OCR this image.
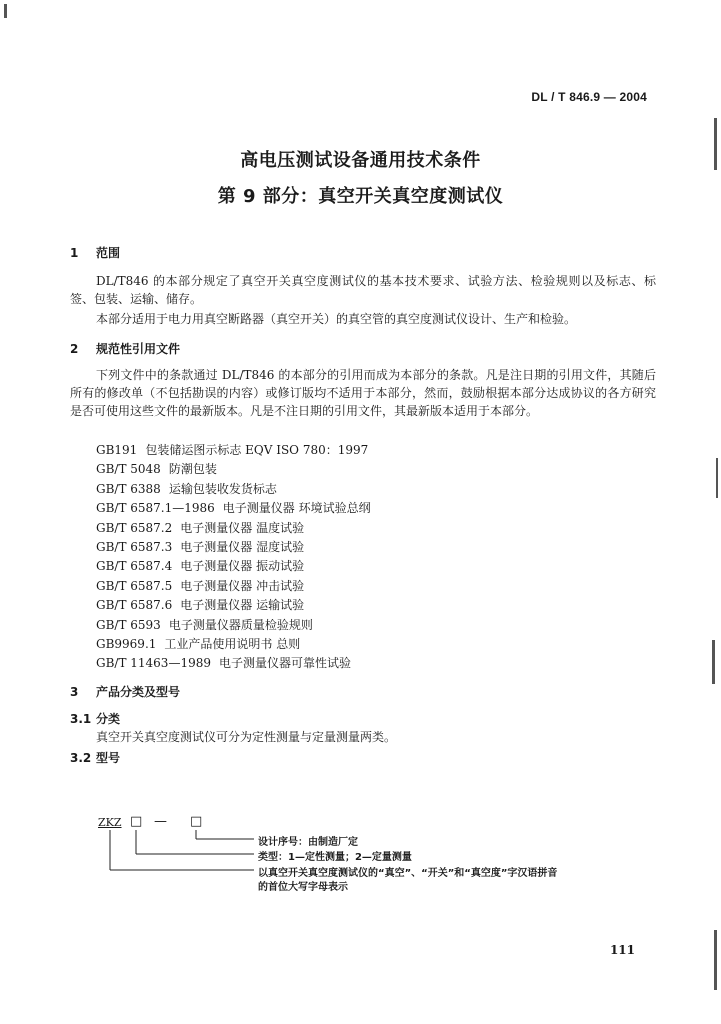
DL / T 846.9 — 2004
高电压测试设备通用技术条件
第 9 部分：真空开关真空度测试仪
1 范围
DL/T846 的本部分规定了真空开关真空度测试仪的基本技术要求、试验方法、检验规则以及标志、标签、包装、运输、储存。
本部分适用于电力用真空断路器（真空开关）的真空管的真空度测试仪设计、生产和检验。
2 规范性引用文件
下列文件中的条款通过 DL/T846 的本部分的引用而成为本部分的条款。凡是注日期的引用文件，其随后所有的修改单（不包括勘误的内容）或修订版均不适用于本部分，然而，鼓励根据本部分达成协议的各方研究是否可使用这些文件的最新版本。凡是不注日期的引用文件，其最新版本适用于本部分。
GB191 包装储运图示标志 EQV ISO 780：1997
GB/T 5048 防潮包装
GB/T 6388 运输包装收发货标志
GB/T 6587.1—1986 电子测量仪器 环境试验总纲
GB/T 6587.2 电子测量仪器 温度试验
GB/T 6587.3 电子测量仪器 湿度试验
GB/T 6587.4 电子测量仪器 振动试验
GB/T 6587.5 电子测量仪器 冲击试验
GB/T 6587.6 电子测量仪器 运输试验
GB/T 6593 电子测量仪器质量检验规则
GB9969.1 工业产品使用说明书 总则
GB/T 11463—1989 电子测量仪器可靠性试验
3 产品分类及型号
3.1 分类
真空开关真空度测试仪可分为定性测量与定量测量两类。
3.2 型号
ZKZ □ — □
设计序号：由制造厂定
类型：1—定性测量；2—定量测量
以真空开关真空度测试仪的“真空”、“开关”和“真空度”字汉语拼音
的首位大写字母表示
111
